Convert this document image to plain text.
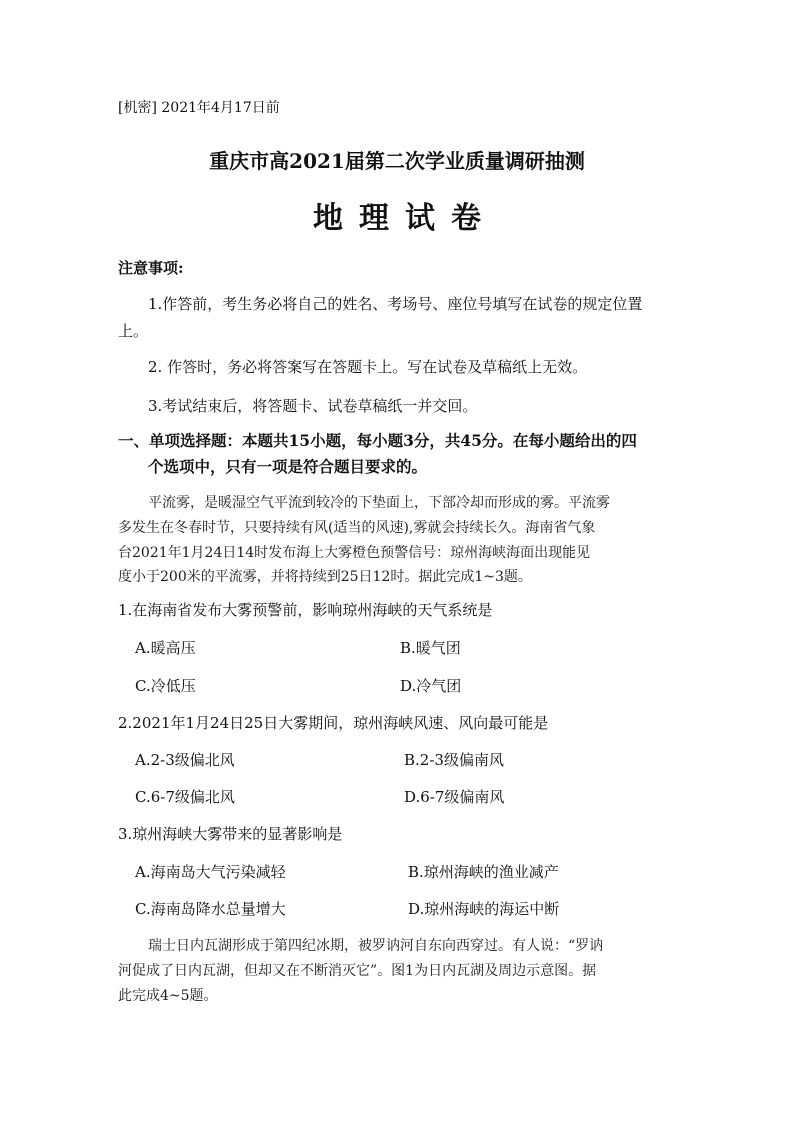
[机密] 2021年4月17日前
重庆市高2021届第二次学业质量调研抽测
地理试卷
注意事项:
1.作答前，考生务必将自己的姓名、考场号、座位号填写在试卷的规定位置
上。
2. 作答时，务必将答案写在答题卡上。写在试卷及草稿纸上无效。
3.考试结束后，将答题卡、试卷草稿纸一并交回。
一、单项选择题：本题共15小题，每小题3分，共45分。在每小题给出的四
个选项中，只有一项是符合题目要求的。
平流雾，是暖湿空气平流到较冷的下垫面上，下部冷却而形成的雾。平流雾
多发生在冬春时节，只要持续有风(适当的风速),雾就会持续长久。海南省气象
台2021年1月24日14时发布海上大雾橙色预警信号：琼州海峡海面出现能见
度小于200米的平流雾，并将持续到25日12时。据此完成1~3题。
1.在海南省发布大雾预警前，影响琼州海峡的天气系统是
A.暖高压	B.暖气团
C.冷低压	D.冷气团
2.2021年1月24日25日大雾期间，琼州海峡风速、风向最可能是
A.2-3级偏北风	B.2-3级偏南风
C.6-7级偏北风	D.6-7级偏南风
3.琼州海峡大雾带来的显著影响是
A.海南岛大气污染减轻	B.琼州海峡的渔业减产
C.海南岛降水总量增大	D.琼州海峡的海运中断
瑞士日内瓦湖形成于第四纪冰期，被罗讷河自东向西穿过。有人说：“罗讷
河促成了日内瓦湖，但却又在不断消灭它”。图1为日内瓦湖及周边示意图。据
此完成4~5题。
